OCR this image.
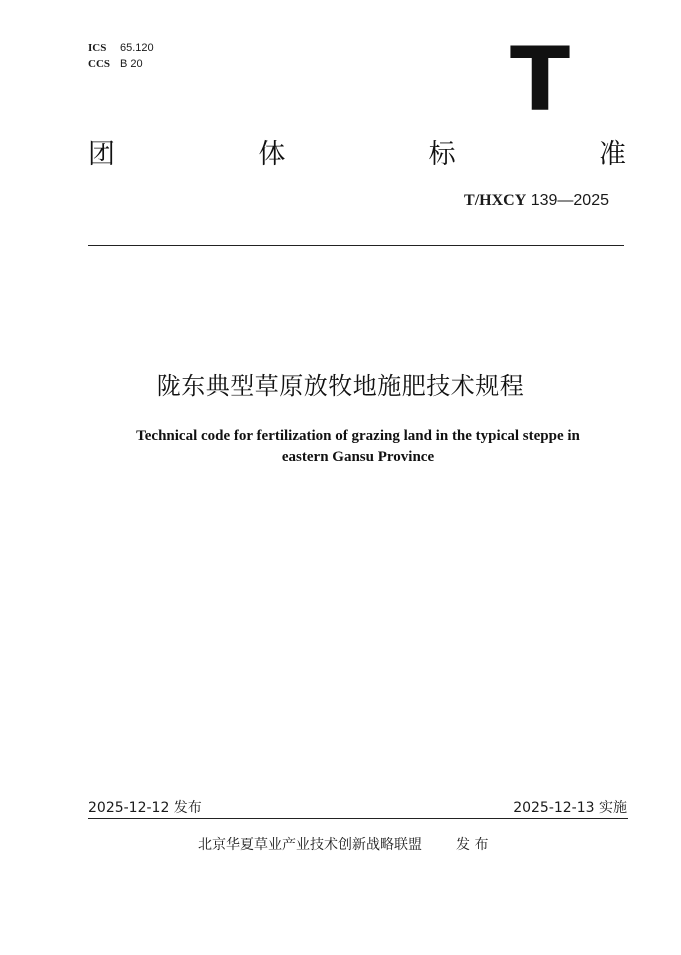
ICS	65.120
CCS B 20	T
团	体	标	准
T/HXCY 139—2025
陇东典型草原放牧地施肥技术规程
Technical code for fertilization of grazing land in the typical steppe in
eastern Gansu Province
2025-12-12 发布	2025-12-13 实施
北京华夏草业产业技术创新战略联盟 发 布
